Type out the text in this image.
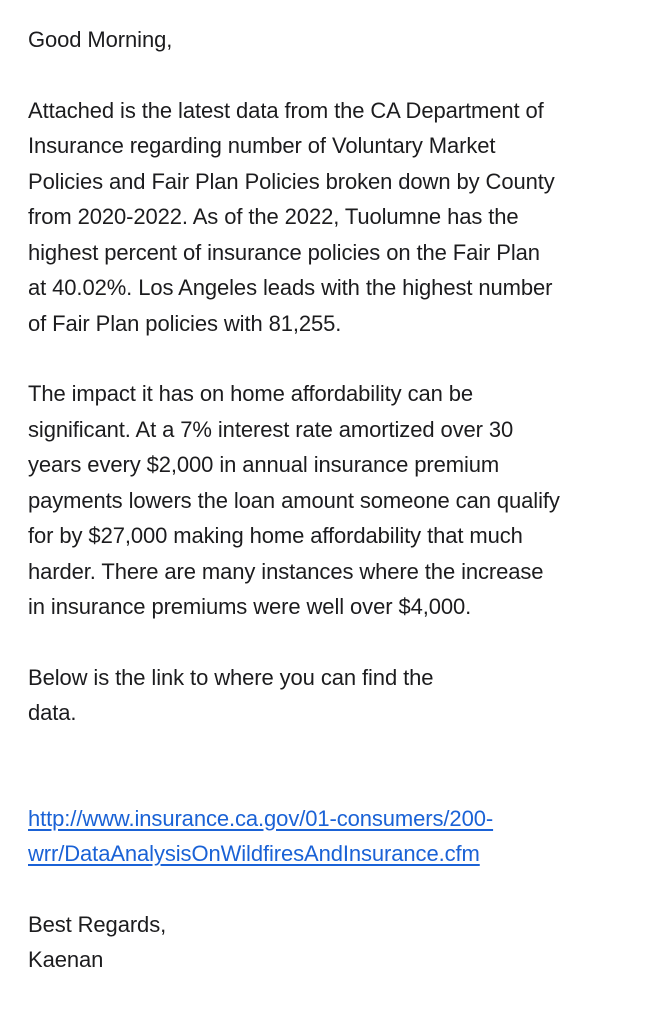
Good Morning,

Attached is the latest data from the CA Department of
Insurance regarding number of Voluntary Market
Policies and Fair Plan Policies broken down by County
from 2020-2022. As of the 2022, Tuolumne has the
highest percent of insurance policies on the Fair Plan
at 40.02%. Los Angeles leads with the highest number
of Fair Plan policies with 81,255.

The impact it has on home affordability can be
significant. At a 7% interest rate amortized over 30
years every $2,000 in annual insurance premium
payments lowers the loan amount someone can qualify
for by $27,000 making home affordability that much
harder. There are many instances where the increase
in insurance premiums were well over $4,000.

Below is the link to where you can find the
data.

http://www.insurance.ca.gov/01-consumers/200-
wrr/DataAnalysisOnWildfiresAndInsurance.cfm

Best Regards,

Kaenan
